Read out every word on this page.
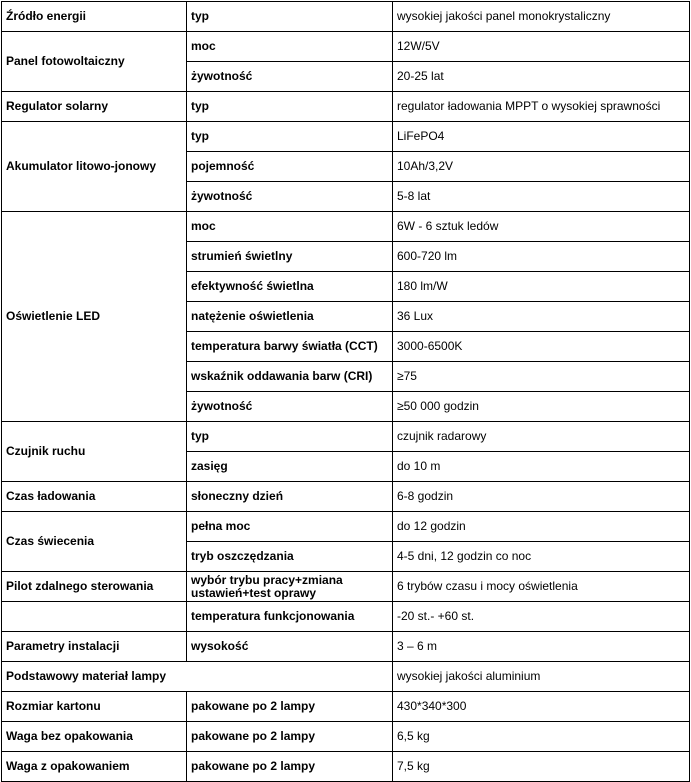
Źródło energii	typ	wysokiej jakości panel monokrystaliczny
Panel fotowoltaiczny	moc	12W/5V
	żywotność	20-25 lat
Regulator solarny	typ	regulator ładowania MPPT o wysokiej sprawności
Akumulator litowo-jonowy	typ	LiFePO4
	pojemność	10Ah/3,2V
	żywotność	5-8 lat
Oświetlenie LED	moc	6W - 6 sztuk ledów
	strumień świetlny	600-720 lm
	efektywność świetlna	180 lm/W
	natężenie oświetlenia	36 Lux
	temperatura barwy światła (CCT)	3000-6500K
	wskaźnik oddawania barw (CRI)	≥75
	żywotność	≥50 000 godzin
Czujnik ruchu	typ	czujnik radarowy
	zasięg	do 10 m
Czas ładowania	słoneczny dzień	6-8 godzin
Czas świecenia	pełna moc	do 12 godzin
	tryb oszczędzania	4-5 dni, 12 godzin co noc
Pilot zdalnego sterowania	wybór trybu pracy+zmiana ustawień+test oprawy	6 trybów czasu i mocy oświetlenia
	temperatura funkcjonowania	-20 st.- +60 st.
Parametry instalacji	wysokość	3 – 6 m
Podstawowy materiał lampy		wysokiej jakości aluminium
Rozmiar kartonu	pakowane po 2 lampy	430*340*300
Waga bez opakowania	pakowane po 2 lampy	6,5 kg
Waga z opakowaniem	pakowane po 2 lampy	7,5 kg
